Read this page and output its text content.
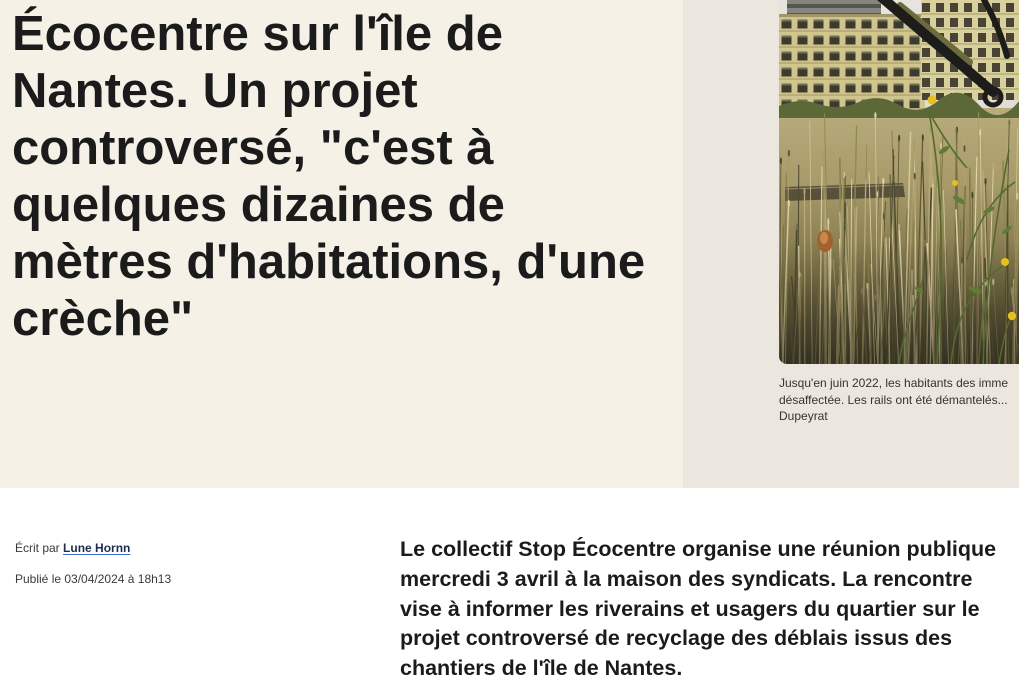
Écocentre sur l'île de Nantes. Un projet controversé, "c'est à quelques dizaines de mètres d'habitations, d'une crèche"
Jusqu'en juin 2022, les habitants des imme
désaffectée. Les rails ont été démantelés...
Dupeyrat
Écrit par Lune Hornn
Publié le 03/04/2024 à 18h13

Le collectif Stop Écocentre organise une réunion publique mercredi 3 avril à la maison des syndicats. La rencontre vise à informer les riverains et usagers du quartier sur le projet controversé de recyclage des déblais issus des chantiers de l'île de Nantes.
